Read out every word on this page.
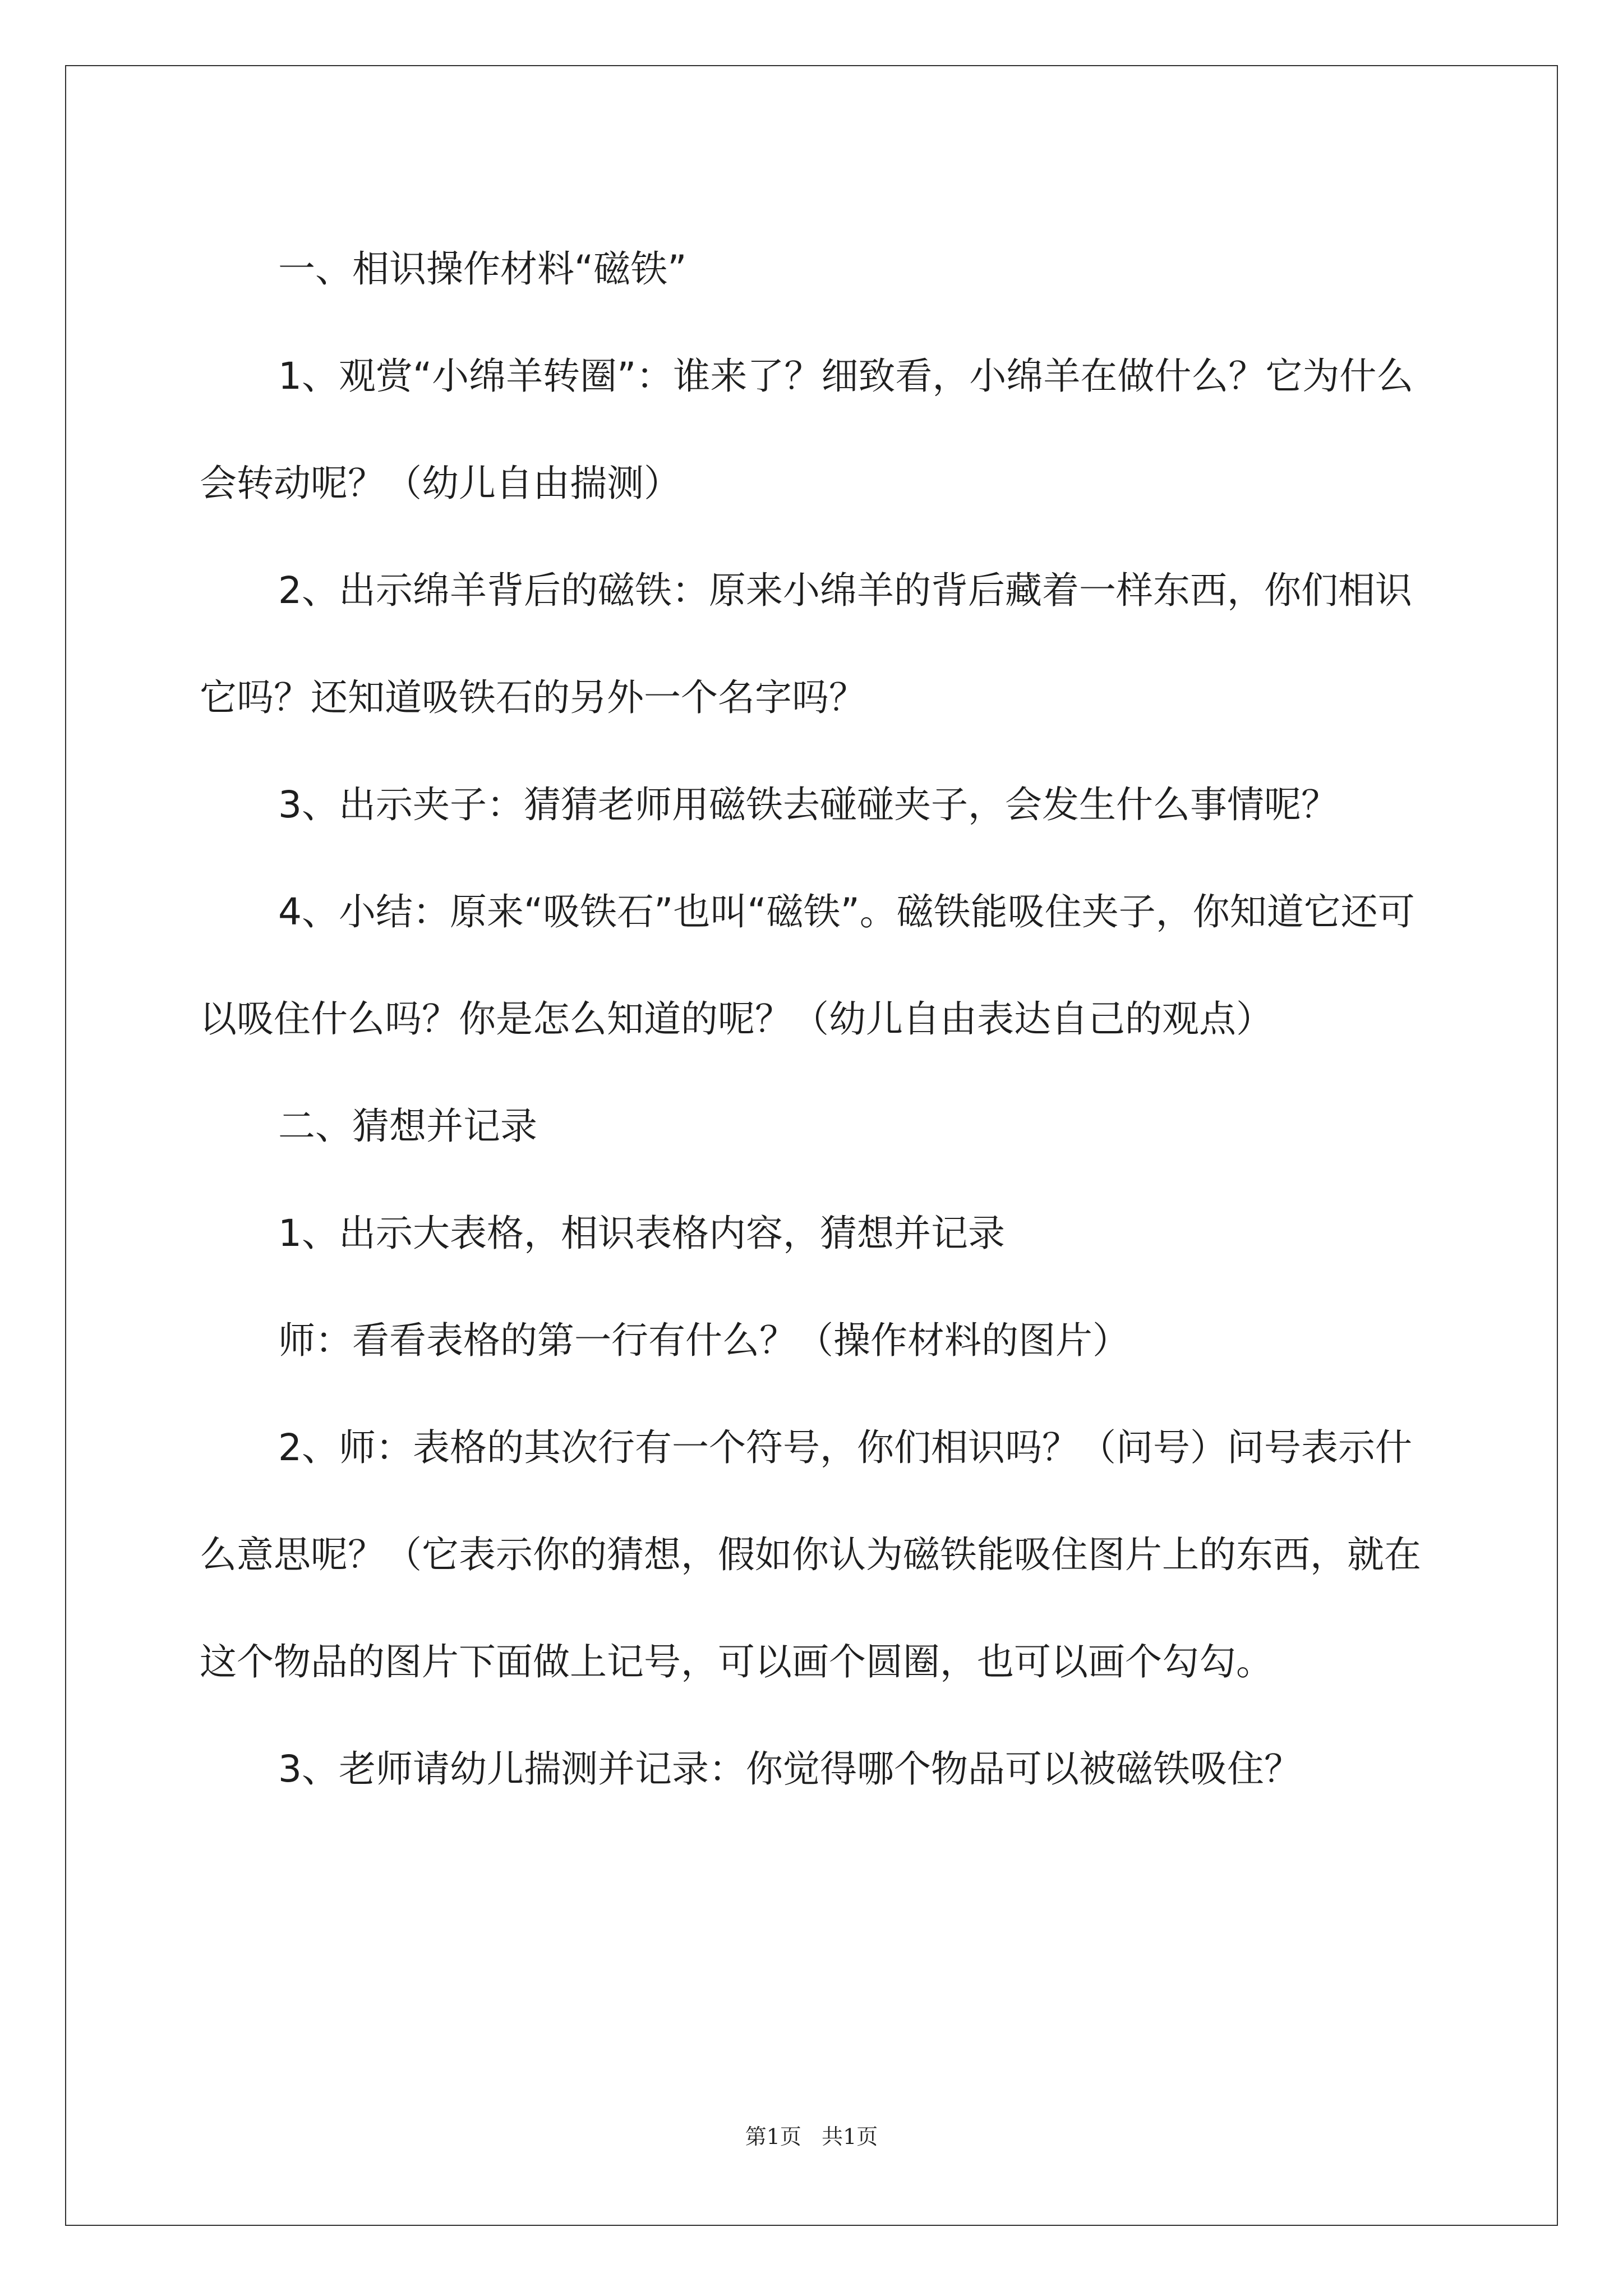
一、相识操作材料“磁铁”

1、观赏“小绵羊转圈”：谁来了？细致看，小绵羊在做什么？它为什么会转动呢？（幼儿自由揣测）

2、出示绵羊背后的磁铁：原来小绵羊的背后藏着一样东西，你们相识它吗？还知道吸铁石的另外一个名字吗？

3、出示夹子：猜猜老师用磁铁去碰碰夹子，会发生什么事情呢？

4、小结：原来“吸铁石”也叫“磁铁”。磁铁能吸住夹子，你知道它还可以吸住什么吗？你是怎么知道的呢？（幼儿自由表达自己的观点）

二、猜想并记录

1、出示大表格，相识表格内容，猜想并记录

师：看看表格的第一行有什么？（操作材料的图片）

2、师：表格的其次行有一个符号，你们相识吗？（问号）问号表示什么意思呢？（它表示你的猜想，假如你认为磁铁能吸住图片上的东西，就在这个物品的图片下面做上记号，可以画个圆圈，也可以画个勾勾。

3、老师请幼儿揣测并记录：你觉得哪个物品可以被磁铁吸住？

第1页 共1页
